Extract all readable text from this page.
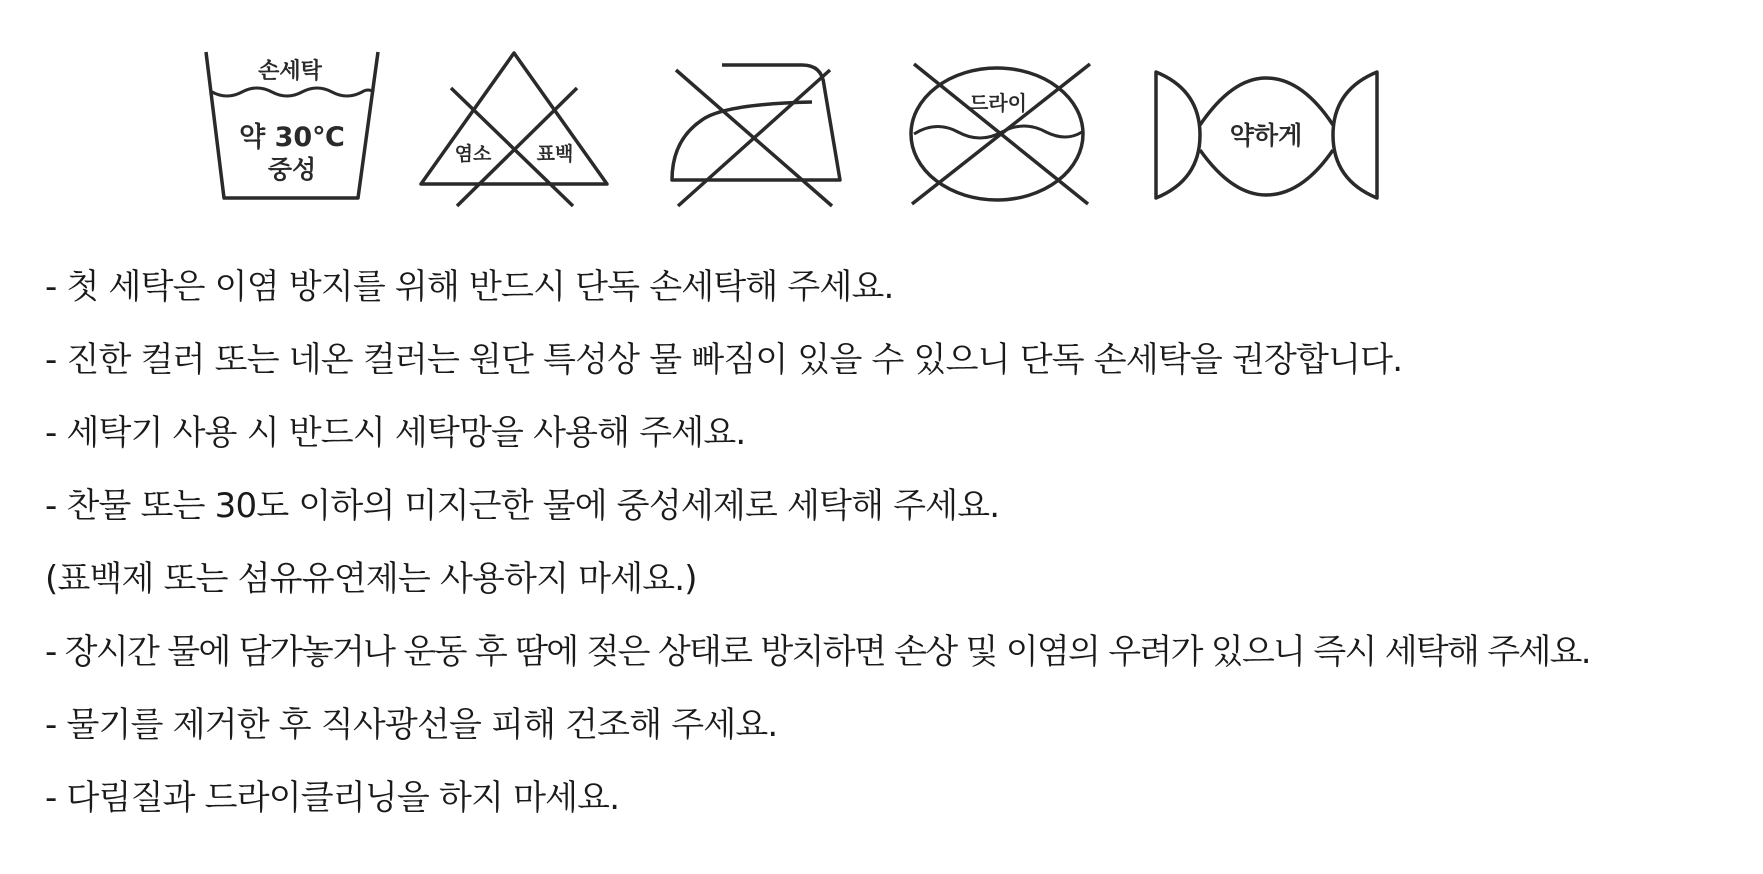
손세탁
약 30℃
중성
염소 표백
드라이
약하게
- 첫 세탁은 이염 방지를 위해 반드시 단독 손세탁해 주세요.
- 진한 컬러 또는 네온 컬러는 원단 특성상 물 빠짐이 있을 수 있으니 단독 손세탁을 권장합니다.
- 세탁기 사용 시 반드시 세탁망을 사용해 주세요.
- 찬물 또는 30도 이하의 미지근한 물에 중성세제로 세탁해 주세요.
(표백제 또는 섬유유연제는 사용하지 마세요.)
- 장시간 물에 담가놓거나 운동 후 땀에 젖은 상태로 방치하면 손상 및 이염의 우려가 있으니 즉시 세탁해 주세요.
- 물기를 제거한 후 직사광선을 피해 건조해 주세요.
- 다림질과 드라이클리닝을 하지 마세요.
